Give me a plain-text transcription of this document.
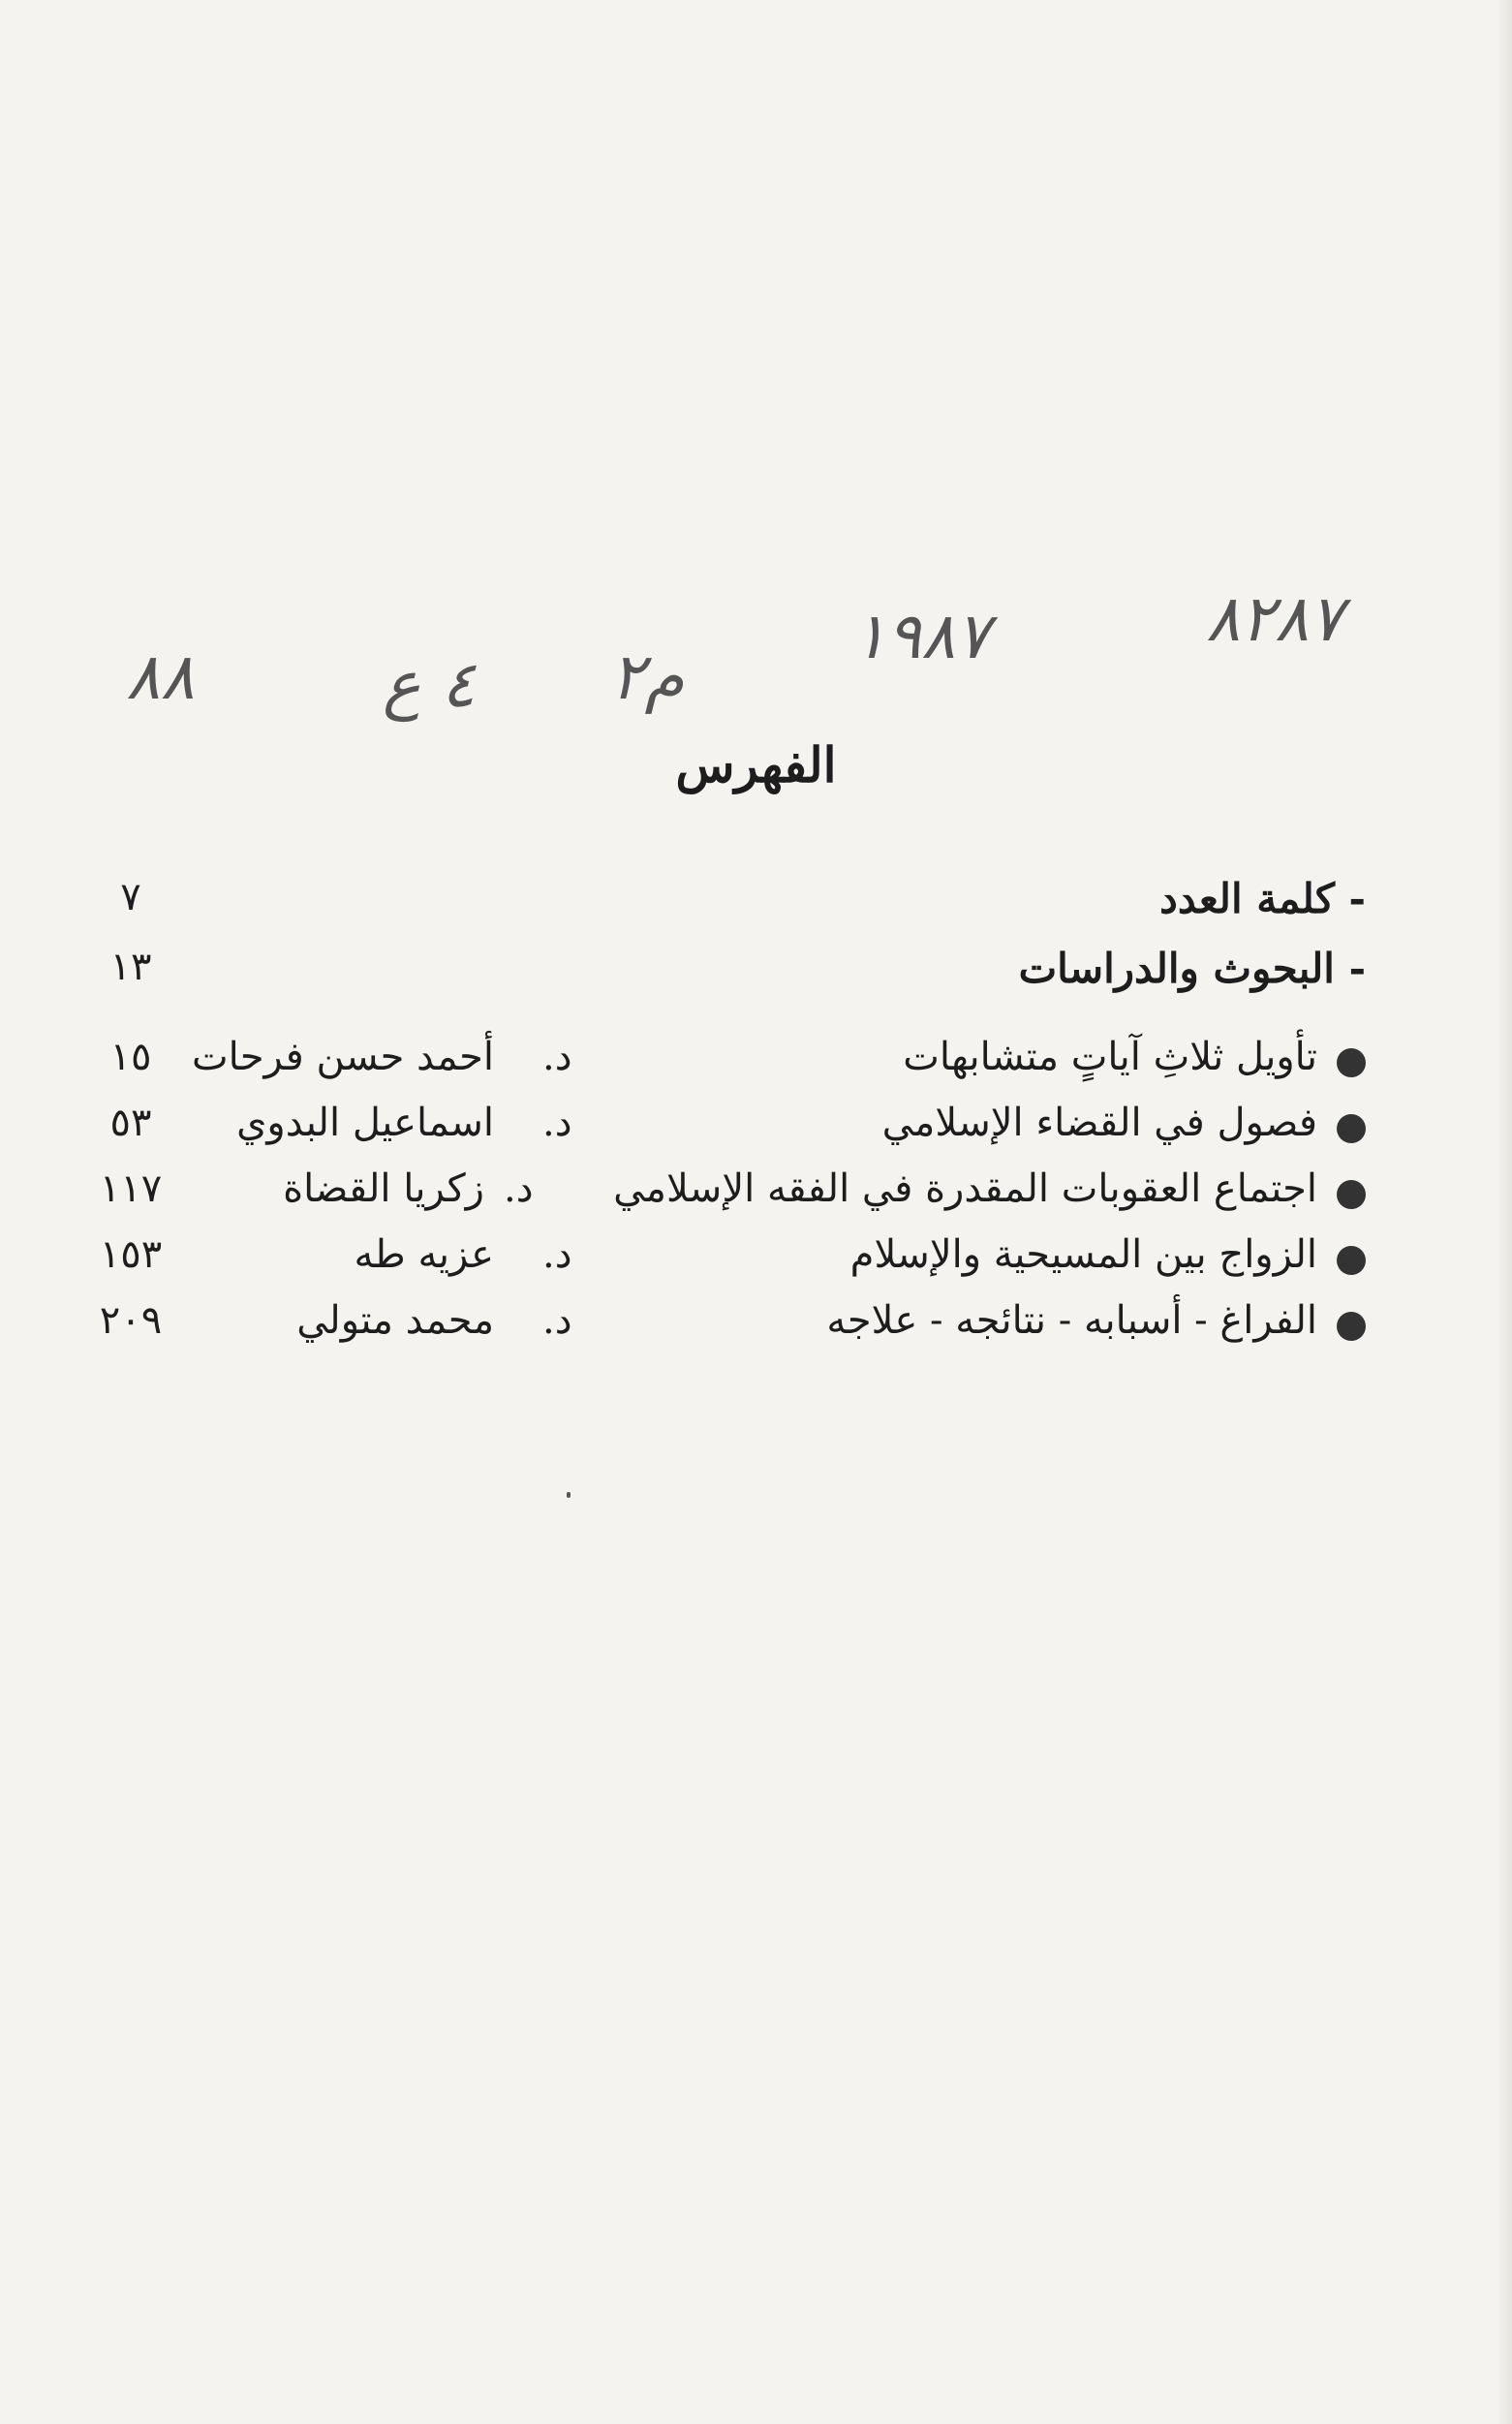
٨٨	٤ ع م٢
١٩٨٧	٨٢٨٧
الفهرس
- كلمة العدد
٧
- البحوث والدراسات
١٣
تأويل ثلاثِ آياتٍ متشابهات
د.
أحمد حسن فرحات
١٥
فصول في القضاء الإسلامي
د.
اسماعيل البدوي
٥٣
اجتماع العقوبات المقدرة في الفقه الإسلامي
د.
زكريا القضاة
١١٧
الزواج بين المسيحية والإسلام
د.
عزيه طه
١٥٣
الفراغ - أسبابه - نتائجه - علاجه
د.
محمد متولي
٢٠٩
